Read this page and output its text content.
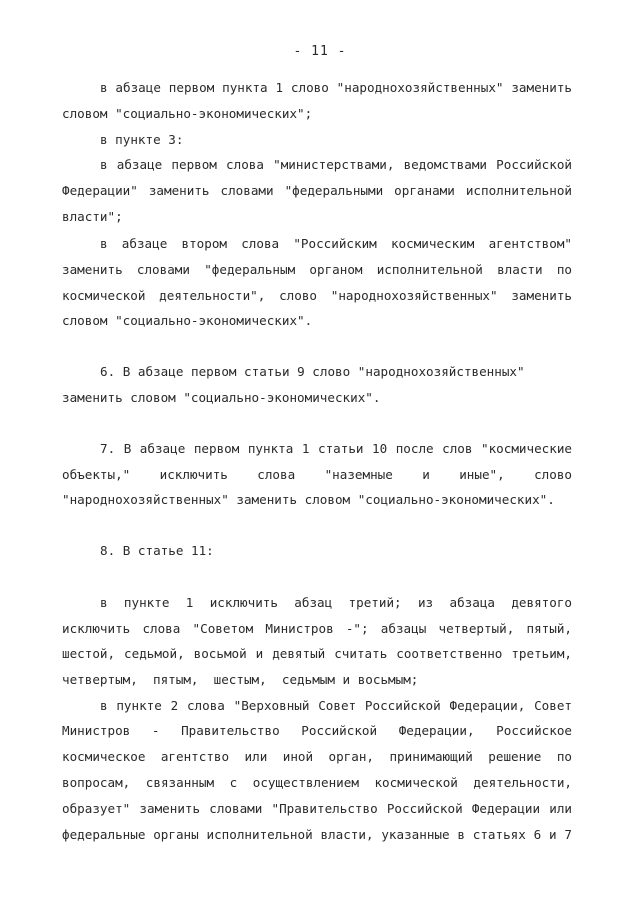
- 11 -
в абзаце первом пункта 1 слово "народнохозяйственных" заменить
словом "социально-экономических";
в пункте 3:
в абзаце первом слова "министерствами, ведомствами Российской
Федерации" заменить словами "федеральными органами исполнительной
власти";
в абзаце втором слова "Российским космическим агентством"
заменить словами "федеральным органом исполнительной власти по
космической деятельности", слово "народнохозяйственных" заменить
словом "социально-экономических".
6. В абзаце первом статьи 9 слово "народнохозяйственных"
заменить словом "социально-экономических".
7. В абзаце первом пункта 1 статьи 10 после слов "космические
объекты," исключить слова "наземные и иные", слово
"народнохозяйственных" заменить словом "социально-экономических".
8. В статье 11:
в пункте 1 исключить абзац третий; из абзаца девятого
исключить слова "Советом Министров -"; абзацы четвертый, пятый,
шестой, седьмой, восьмой и девятый считать соответственно третьим,
четвертым,  пятым,  шестым,  седьмым и восьмым;
в пункте 2 слова "Верховный Совет Российской Федерации, Совет
Министров - Правительство Российской Федерации, Российское
космическое агентство или иной орган, принимающий решение по
вопросам, связанным с осуществлением космической деятельности,
образует" заменить словами "Правительство Российской Федерации или
федеральные органы исполнительной власти, указанные в статьях 6 и 7
